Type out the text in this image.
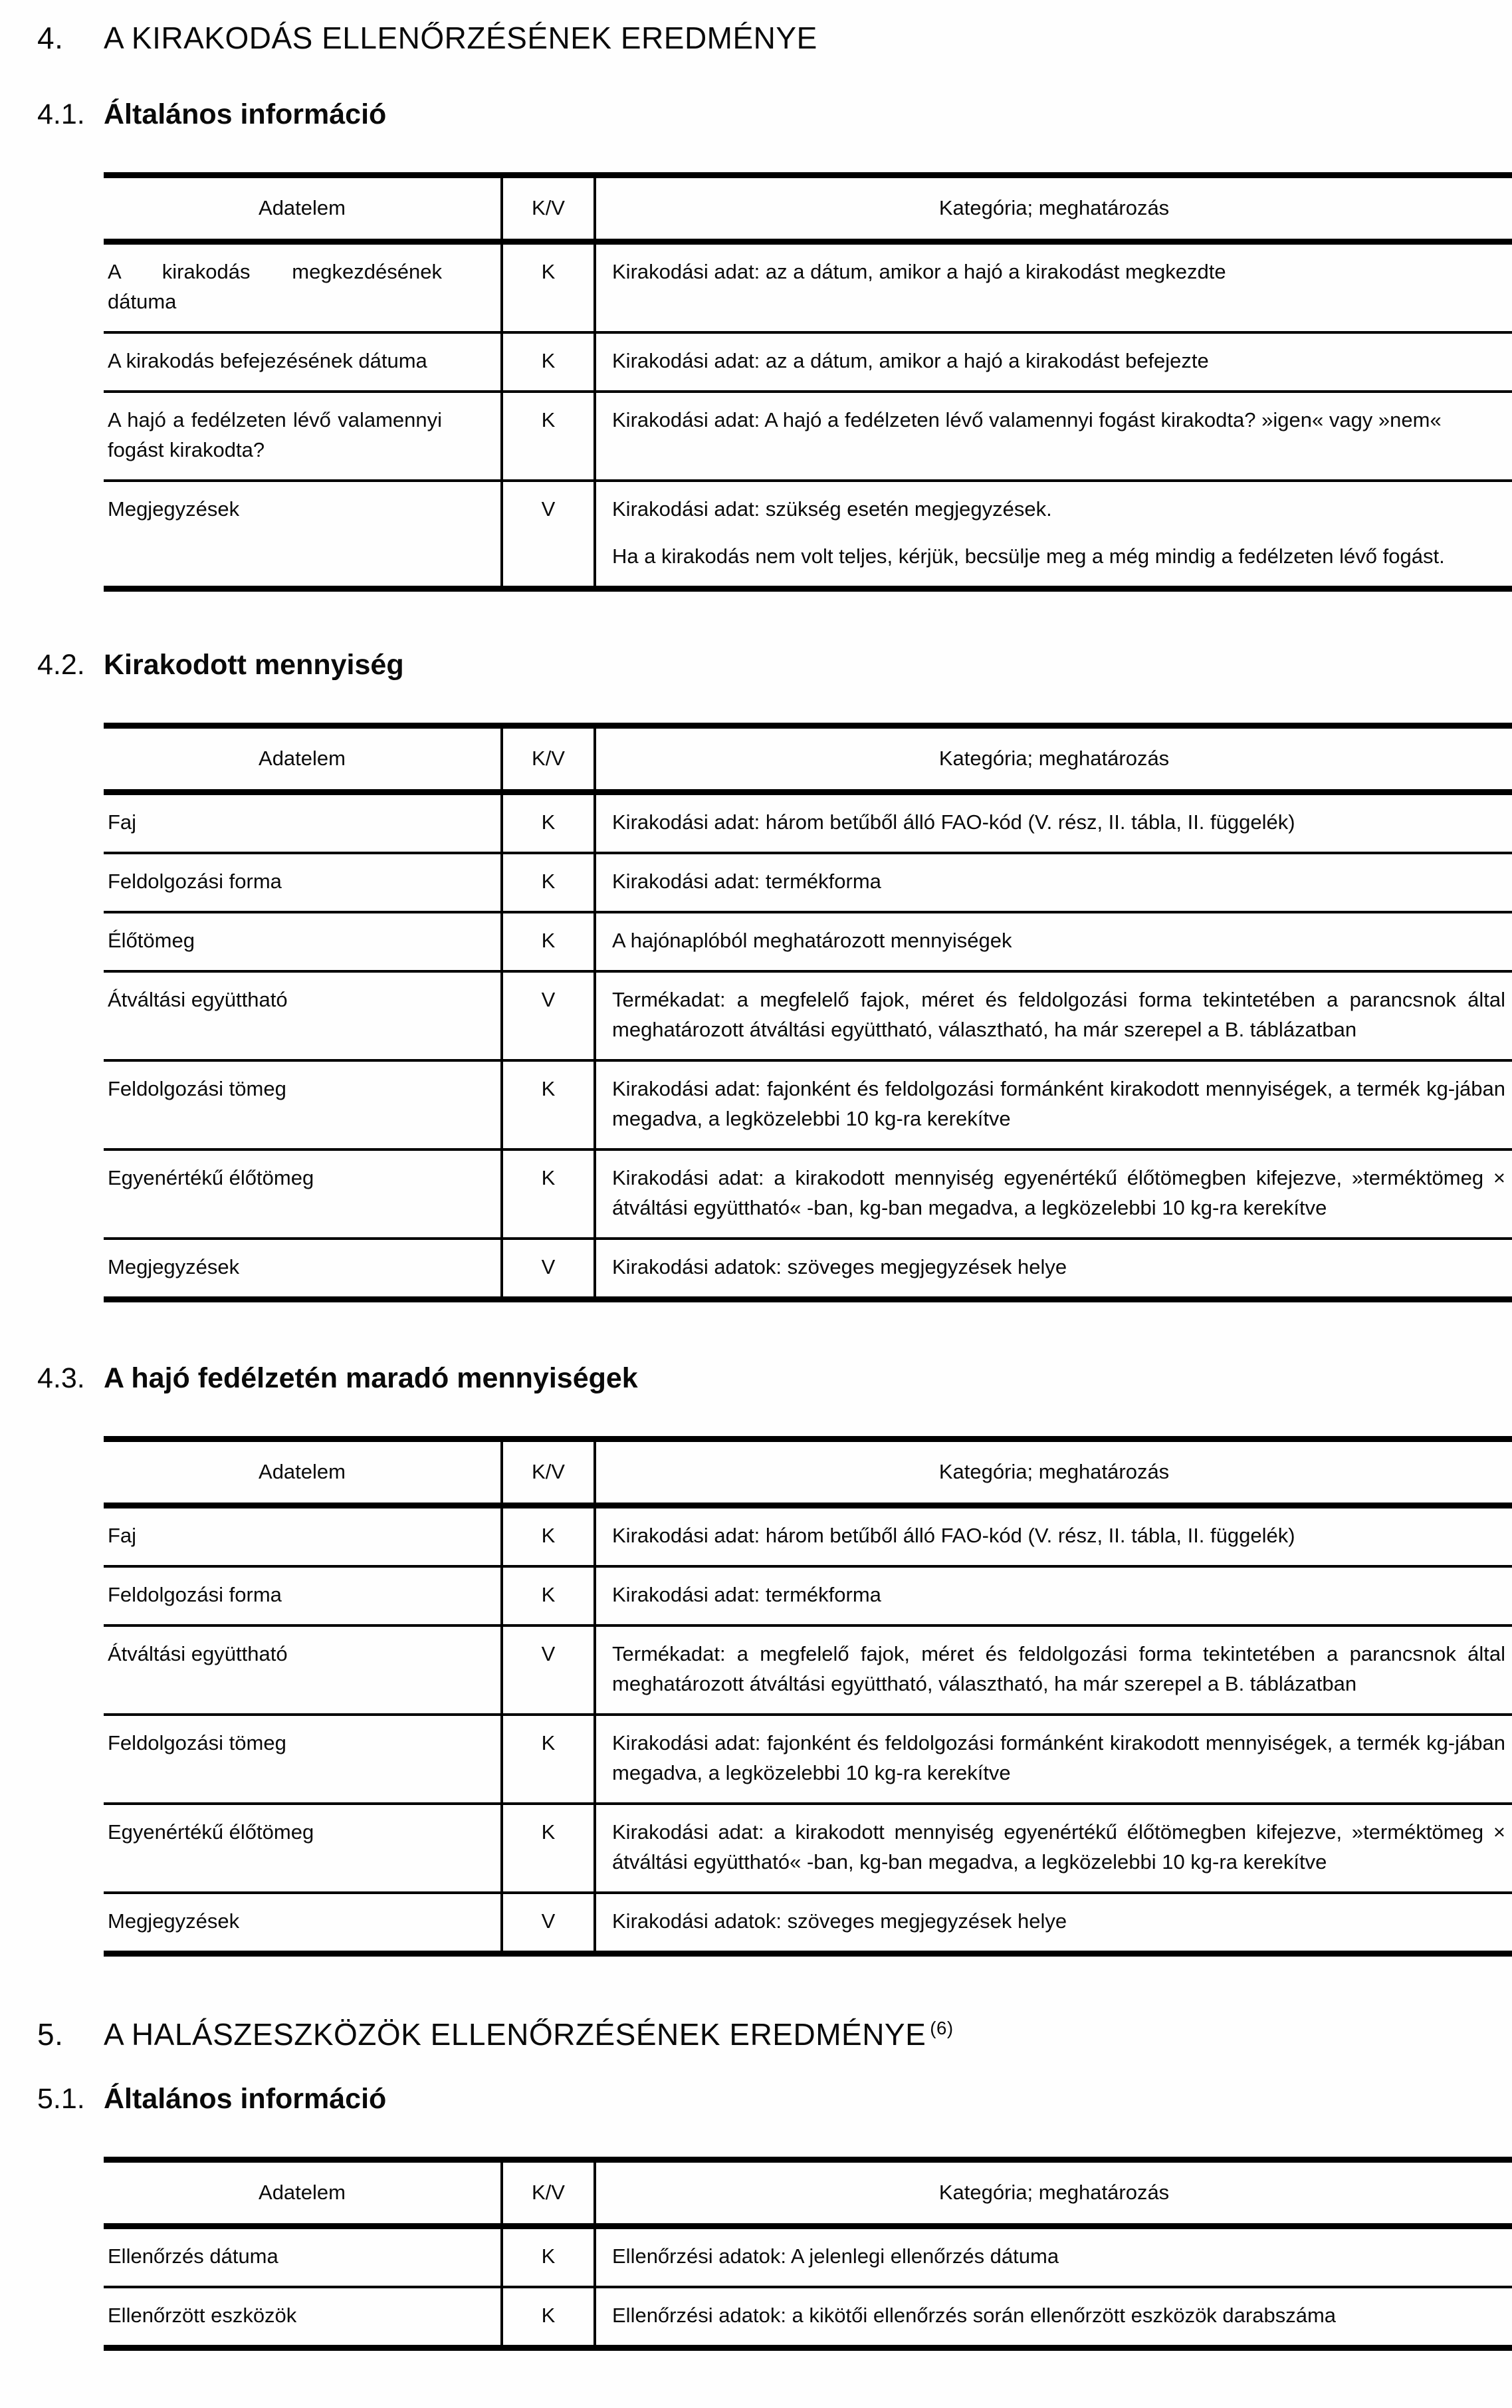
4.	A KIRAKODÁS ELLENŐRZÉSÉNEK EREDMÉNYE
4.1. Általános információ
Adatelem	K/V	Kategória; meghatározás
A kirakodás megkezdésének dátuma	K	Kirakodási adat: az a dátum, amikor a hajó a kirakodást megkezdte
A kirakodás befejezésének dátuma	K	Kirakodási adat: az a dátum, amikor a hajó a kirakodást befejezte
A hajó a fedélzeten lévő valamennyi fogást kirakodta?	K	Kirakodási adat: A hajó a fedélzeten lévő valamennyi fogást kirakodta? »igen« vagy »nem«
Megjegyzések	V	Kirakodási adat: szükség esetén megjegyzések.

Ha a kirakodás nem volt teljes, kérjük, becsülje meg a még mindig a fedélzeten lévő fogást.

4.2. Kirakodott mennyiség
Adatelem	K/V	Kategória; meghatározás
Faj	K	Kirakodási adat: három betűből álló FAO-kód (V. rész, II. tábla, II. függelék)
Feldolgozási forma	K	Kirakodási adat: termékforma
Élőtömeg	K	A hajónaplóból meghatározott mennyiségek
Átváltási együttható	V	Termékadat: a megfelelő fajok, méret és feldolgozási forma tekintetében a parancsnok által meghatározott átváltási együttható, választható, ha már szerepel a B. táblázatban
Feldolgozási tömeg	K	Kirakodási adat: fajonként és feldolgozási formánként kirakodott mennyiségek, a termék kg-jában megadva, a legközelebbi 10 kg-ra kerekítve
Egyenértékű élőtömeg	K	Kirakodási adat: a kirakodott mennyiség egyenértékű élőtömegben kifejezve, »terméktömeg × átváltási együttható« -ban, kg-ban megadva, a legközelebbi 10 kg-ra kerekítve
Megjegyzések	V	Kirakodási adatok: szöveges megjegyzések helye
4.3. A hajó fedélzetén maradó mennyiségek
Adatelem	K/V	Kategória; meghatározás
Faj	K	Kirakodási adat: három betűből álló FAO-kód (V. rész, II. tábla, II. függelék)
Feldolgozási forma	K	Kirakodási adat: termékforma
Átváltási együttható	V	Termékadat: a megfelelő fajok, méret és feldolgozási forma tekintetében a parancsnok által meghatározott átváltási együttható, választható, ha már szerepel a B. táblázatban
Feldolgozási tömeg	K	Kirakodási adat: fajonként és feldolgozási formánként kirakodott mennyiségek, a termék kg-jában megadva, a legközelebbi 10 kg-ra kerekítve
Egyenértékű élőtömeg	K	Kirakodási adat: a kirakodott mennyiség egyenértékű élőtömegben kifejezve, »terméktömeg × átváltási együttható« -ban, kg-ban megadva, a legközelebbi 10 kg-ra kerekítve
Megjegyzések	V	Kirakodási adatok: szöveges megjegyzések helye
5.	A HALÁSZESZKÖZÖK ELLENŐRZÉSÉNEK EREDMÉNYE $^{(6)}$
5.1. Általános információ
Adatelem	K/V	Kategória; meghatározás
Ellenőrzés dátuma	K	Ellenőrzési adatok: A jelenlegi ellenőrzés dátuma
Ellenőrzött eszközök	K	Ellenőrzési adatok: a kikötői ellenőrzés során ellenőrzött eszközök darabszáma
